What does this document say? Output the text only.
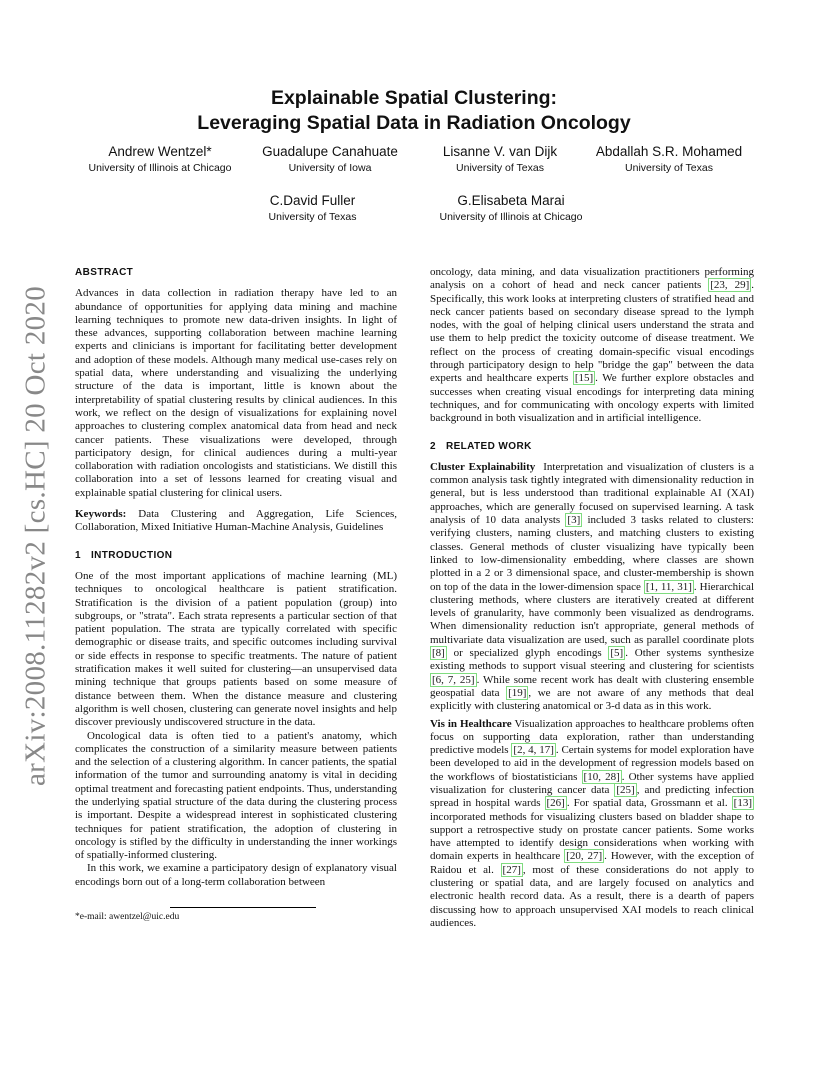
arXiv:2008.11282v2 [cs.HC] 20 Oct 2020
Explainable Spatial Clustering:
Leveraging Spatial Data in Radiation Oncology
Andrew Wentzel*
University of Illinois at Chicago
Guadalupe Canahuate
University of Iowa
Lisanne V. van Dijk
University of Texas
Abdallah S.R. Mohamed
University of Texas
C.David Fuller
University of Texas
G.Elisabeta Marai
University of Illinois at Chicago
ABSTRACT

Advances in data collection in radiation therapy have led to an abundance of opportunities for applying data mining and machine learning techniques to promote new data-driven insights. In light of these advances, supporting collaboration between machine learning experts and clinicians is important for facilitating better development and adoption of these models. Although many medical use-cases rely on spatial data, where understanding and visualizing the underlying structure of the data is important, little is known about the interpretability of spatial clustering results by clinical audiences. In this work, we reflect on the design of visualizations for explaining novel approaches to clustering complex anatomical data from head and neck cancer patients. These visualizations were developed, through participatory design, for clinical audiences during a multi-year collaboration with radiation oncologists and statisticians. We distill this collaboration into a set of lessons learned for creating visual and explainable spatial clustering for clinical users.

Keywords: Data Clustering and Aggregation, Life Sciences, Collaboration, Mixed Initiative Human-Machine Analysis, Guidelines

1 INTRODUCTION

One of the most important applications of machine learning (ML) techniques to oncological healthcare is patient stratification. Stratification is the division of a patient population (group) into subgroups, or "strata". Each strata represents a particular section of that patient population. The strata are typically correlated with specific demographic or disease traits, and specific outcomes including survival or side effects in response to specific treatments. The nature of patient stratification makes it well suited for clustering—an unsupervised data mining technique that groups patients based on some measure of distance between them. When the distance measure and clustering algorithm is well chosen, clustering can generate novel insights and help discover previously undiscovered structure in the data.

Oncological data is often tied to a patient's anatomy, which complicates the construction of a similarity measure between patients and the selection of a clustering algorithm. In cancer patients, the spatial information of the tumor and surrounding anatomy is vital in deciding optimal treatment and forecasting patient endpoints. Thus, understanding the underlying spatial structure of the data during the clustering process is important. Despite a widespread interest in sophisticated clustering techniques for patient stratification, the adoption of clustering in oncology is stifled by the difficulty in understanding the inner workings of spatially-informed clustering.

In this work, we examine a participatory design of explanatory visual encodings born out of a long-term collaboration between

*e-mail: awentzel@uic.edu

oncology, data mining, and data visualization practitioners performing analysis on a cohort of head and neck cancer patients [23, 29] . Specifically, this work looks at interpreting clusters of stratified head and neck cancer patients based on secondary disease spread to the lymph nodes, with the goal of helping clinical users understand the strata and use them to help predict the toxicity outcome of disease treatment. We reflect on the process of creating domain-specific visual encodings through participatory design to help "bridge the gap" between the data experts and healthcare experts [15] . We further explore obstacles and successes when creating visual encodings for interpreting data mining techniques, and for communicating with oncology experts with limited background in both visualization and in artificial intelligence.

2 RELATED WORK

Cluster Explainability Interpretation and visualization of clusters is a common analysis task tightly integrated with dimensionality reduction in general, but is less understood than traditional explainable AI (XAI) approaches, which are generally focused on supervised learning. A task analysis of 10 data analysts [3] included 3 tasks related to clusters: verifying clusters, naming clusters, and matching clusters to existing classes. General methods of cluster visualizing have typically been linked to low-dimensionality embedding, where classes are shown plotted in a 2 or 3 dimensional space, and cluster-membership is shown on top of the data in the lower-dimension space [1, 11, 31] . Hierarchical clustering methods, where clusters are iteratively created at different levels of granularity, have commonly been visualized as dendrograms. When dimensionality reduction isn't appropriate, general methods of multivariate data visualization are used, such as parallel coordinate plots [8] or specialized glyph encodings [5] . Other systems synthesize existing methods to support visual steering and clustering for scientists [6, 7, 25] . While some recent work has dealt with clustering ensemble geospatial data [19] , we are not aware of any methods that deal explicitly with clustering anatomical or 3-d data as in this work.

Vis in Healthcare Visualization approaches to healthcare problems often focus on supporting data exploration, rather than understanding predictive models [2, 4, 17] . Certain systems for model exploration have been developed to aid in the development of regression models based on the workflows of biostatisticians [10, 28] . Other systems have applied visualization for clustering cancer data [25] , and predicting infection spread in hospital wards [26] . For spatial data, Grossmann et al. [13] incorporated methods for visualizing clusters based on bladder shape to support a retrospective study on prostate cancer patients. Some works have attempted to identify design considerations when working with domain experts in healthcare [20, 27] . However, with the exception of Raidou et al. [27] , most of these considerations do not apply to clustering or spatial data, and are largely focused on analytics and electronic health record data. As a result, there is a dearth of papers discussing how to approach unsupervised XAI models to reach clinical audiences.
